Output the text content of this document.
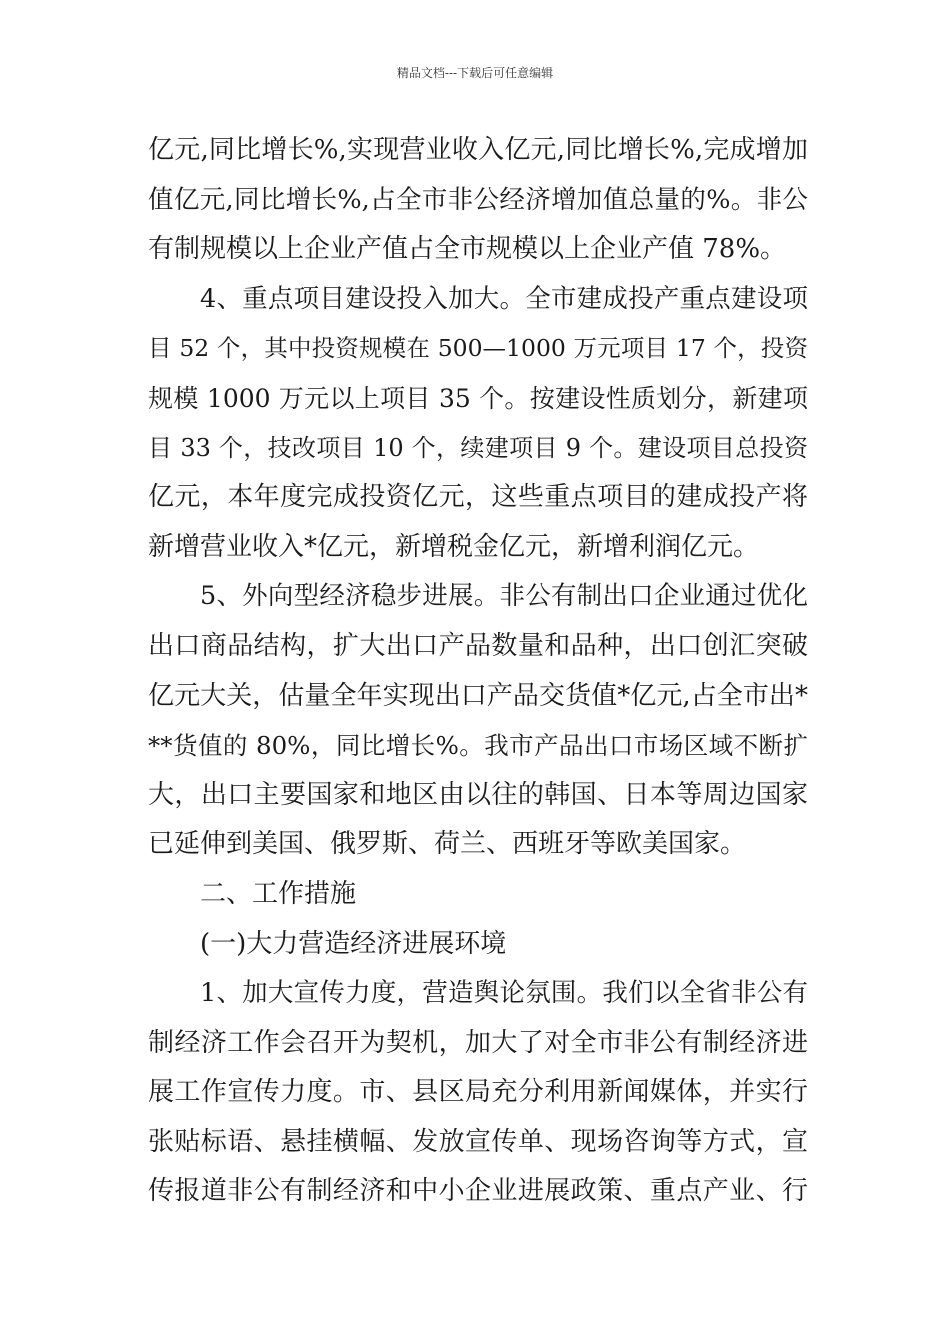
精品文档---下载后可任意编辑
亿元,同比增长%,实现营业收入亿元,同比增长%,完成增加
值亿元,同比增长%,占全市非公经济增加值总量的%。非公
有制规模以上企业产值占全市规模以上企业产值 78%。
4、重点项目建设投入加大。全市建成投产重点建设项
目 52 个，其中投资规模在 500—1000 万元项目 17 个，投资
规模 1000 万元以上项目 35 个。按建设性质划分，新建项
目 33 个，技改项目 10 个，续建项目 9 个。建设项目总投资
亿元，本年度完成投资亿元，这些重点项目的建成投产将
新增营业收入*亿元，新增税金亿元，新增利润亿元。
5、外向型经济稳步进展。非公有制出口企业通过优化
出口商品结构，扩大出口产品数量和品种，出口创汇突破
亿元大关，估量全年实现出口产品交货值*亿元,占全市出*
**货值的 80%，同比增长%。我市产品出口市场区域不断扩
大，出口主要国家和地区由以往的韩国、日本等周边国家
已延伸到美国、俄罗斯、荷兰、西班牙等欧美国家。
二、工作措施
(一)大力营造经济进展环境
1、加大宣传力度，营造舆论氛围。我们以全省非公有
制经济工作会召开为契机，加大了对全市非公有制经济进
展工作宣传力度。市、县区局充分利用新闻媒体，并实行
张贴标语、悬挂横幅、发放宣传单、现场咨询等方式，宣
传报道非公有制经济和中小企业进展政策、重点产业、行
